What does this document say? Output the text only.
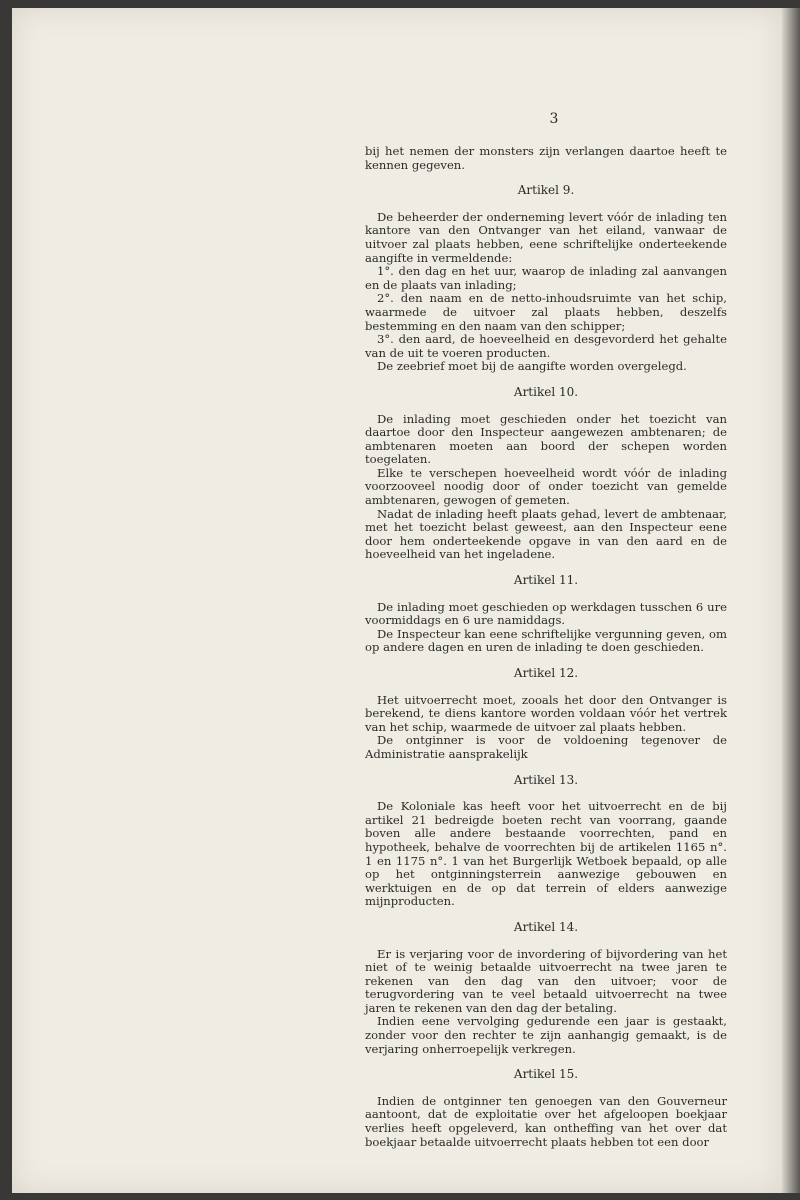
3

bij het nemen der monsters zijn verlangen daartoe heeft te kennen gegeven.

Artikel 9.

De beheerder der onderneming levert vóór de inlading ten kantore van den Ontvanger van het eiland, vanwaar de uitvoer zal plaats hebben, eene schriftelijke onderteekende aangifte in vermeldende:

1°. den dag en het uur, waarop de inlading zal aanvangen en de plaats van inlading;

2°. den naam en de netto-inhoudsruimte van het schip, waarmede de uitvoer zal plaats hebben, deszelfs bestemming en den naam van den schipper;

3°. den aard, de hoeveelheid en desgevorderd het gehalte van de uit te voeren producten.

De zeebrief moet bij de aangifte worden overgelegd.

Artikel 10.

De inlading moet geschieden onder het toezicht van daartoe door den Inspecteur aangewezen ambtenaren; de ambtenaren moeten aan boord der schepen worden toegelaten.

Elke te verschepen hoeveelheid wordt vóór de inlading voorzooveel noodig door of onder toezicht van gemelde ambtenaren, gewogen of gemeten.

Nadat de inlading heeft plaats gehad, levert de ambtenaar, met het toezicht belast geweest, aan den Inspecteur eene door hem onderteekende opgave in van den aard en de hoeveelheid van het ingeladene.

Artikel 11.

De inlading moet geschieden op werkdagen tusschen 6 ure voormiddags en 6 ure namiddags.

De Inspecteur kan eene schriftelijke vergunning geven, om op andere dagen en uren de inlading te doen geschieden.

Artikel 12.

Het uitvoerrecht moet, zooals het door den Ontvanger is berekend, te diens kantore worden voldaan vóór het vertrek van het schip, waarmede de uitvoer zal plaats hebben.

De ontginner is voor de voldoening tegenover de Administratie aansprakelijk

Artikel 13.

De Koloniale kas heeft voor het uitvoerrecht en de bij artikel 21 bedreigde boeten recht van voorrang, gaande boven alle andere bestaande voorrechten, pand en hypotheek, behalve de voorrechten bij de artikelen 1165 n°. 1 en 1175 n°. 1 van het Burgerlijk Wetboek bepaald, op alle op het ontginningsterrein aanwezige gebouwen en werktuigen en de op dat terrein of elders aanwezige mijnproducten.

Artikel 14.

Er is verjaring voor de invordering of bijvordering van het niet of te weinig betaalde uitvoerrecht na twee jaren te rekenen van den dag van den uitvoer; voor de terugvordering van te veel betaald uitvoerrecht na twee jaren te rekenen van den dag der betaling.

Indien eene vervolging gedurende een jaar is gestaakt, zonder voor den rechter te zijn aanhangig gemaakt, is de verjaring onherroepelijk verkregen.

Artikel 15.

Indien de ontginner ten genoegen van den Gouverneur aantoont, dat de exploitatie over het afgeloopen boekjaar verlies heeft opgeleverd, kan ontheffing van het over dat boekjaar betaalde uitvoerrecht plaats hebben tot een door
